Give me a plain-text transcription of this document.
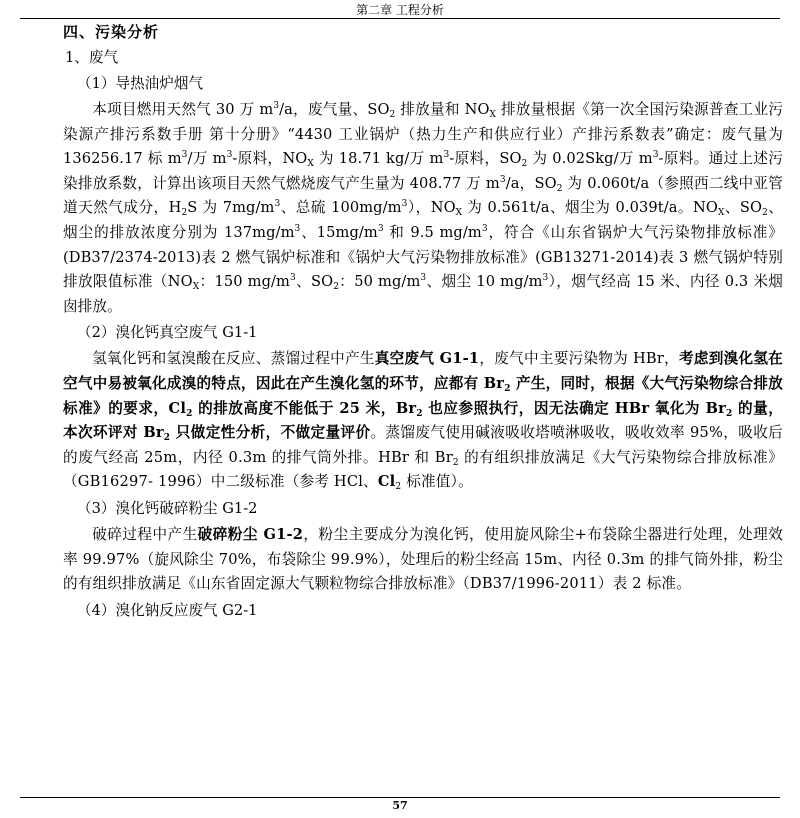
第二章 工程分析

四、污染分析

1、废气

（1）导热油炉烟气

本项目燃用天然气 30 万 $m^3/a$，废气量、$SO_2$ 排放量和 $NO_X$ 排放量根据《第一次全国污染源普查工业污染源产排污系数手册 第十分册》“4430 工业锅炉（热力生产和供应行业）产排污系数表”确定：废气量为 136256.17 标 $m^3/$万 $m^3-$原料，$NO_X$ 为 18.71 kg/万 $m^3-$原料，$SO_2$ 为 0.02Skg/万 $m^3-$原料。通过上述污染排放系数，计算出该项目天然气燃烧废气产生量为 408.77 万 $m^3/a$，$SO_2$ 为 0.060t/a（参照西二线中亚管道天然气成分，$H_2S$ 为 $7mg/m^3$、总硫 $100mg/m^3$），$NO_X$ 为 0.561t/a、烟尘为 0.039t/a。$NO_X$、$SO_2$、烟尘的排放浓度分别为 $137mg/m^3$、$15mg/m^3$ 和 9.5 $mg/m^3$，符合《山东省锅炉大气污染物排放标准》(DB37/2374-2013)表 2 燃气锅炉标准和《锅炉大气污染物排放标准》(GB13271-2014)表 3 燃气锅炉特别排放限值标准（$NO_X$：150 $mg/m^3$、$SO_2$：50 $mg/m^3$、烟尘 10 $mg/m^3$），烟气经高 15 米、内径 0.3 米烟囱排放。

（2）溴化钙真空废气 G1-1

氢氧化钙和氢溴酸在反应、蒸馏过程中产生真空废气 G1-1，废气中主要污染物为 HBr，考虑到溴化氢在空气中易被氧化成溴的特点，因此在产生溴化氢的环节，应都有 $Br_2$ 产生，同时，根据《大气污染物综合排放标准》的要求，$Cl_2$ 的排放高度不能低于 25 米，$Br_2$ 也应参照执行，因无法确定 HBr 氧化为 $Br_2$ 的量，本次环评对 $Br_2$ 只做定性分析，不做定量评价。蒸馏废气使用碱液吸收塔喷淋吸收，吸收效率 95%，吸收后的废气经高 25m，内径 0.3m 的排气筒外排。HBr 和 $Br_2$ 的有组织排放满足《大气污染物综合排放标准》（GB16297- 1996）中二级标准（参考 HCl、$Cl_2$ 标准值）。

（3）溴化钙破碎粉尘 G1-2

破碎过程中产生破碎粉尘 G1-2，粉尘主要成分为溴化钙，使用旋风除尘+布袋除尘器进行处理，处理效率 99.97%（旋风除尘 70%，布袋除尘 99.9%），处理后的粉尘经高 15m、内径 0.3m 的排气筒外排，粉尘的有组织排放满足《山东省固定源大气颗粒物综合排放标准》（DB37/1996-2011）表 2 标准。

（4）溴化钠反应废气 G2-1

57
